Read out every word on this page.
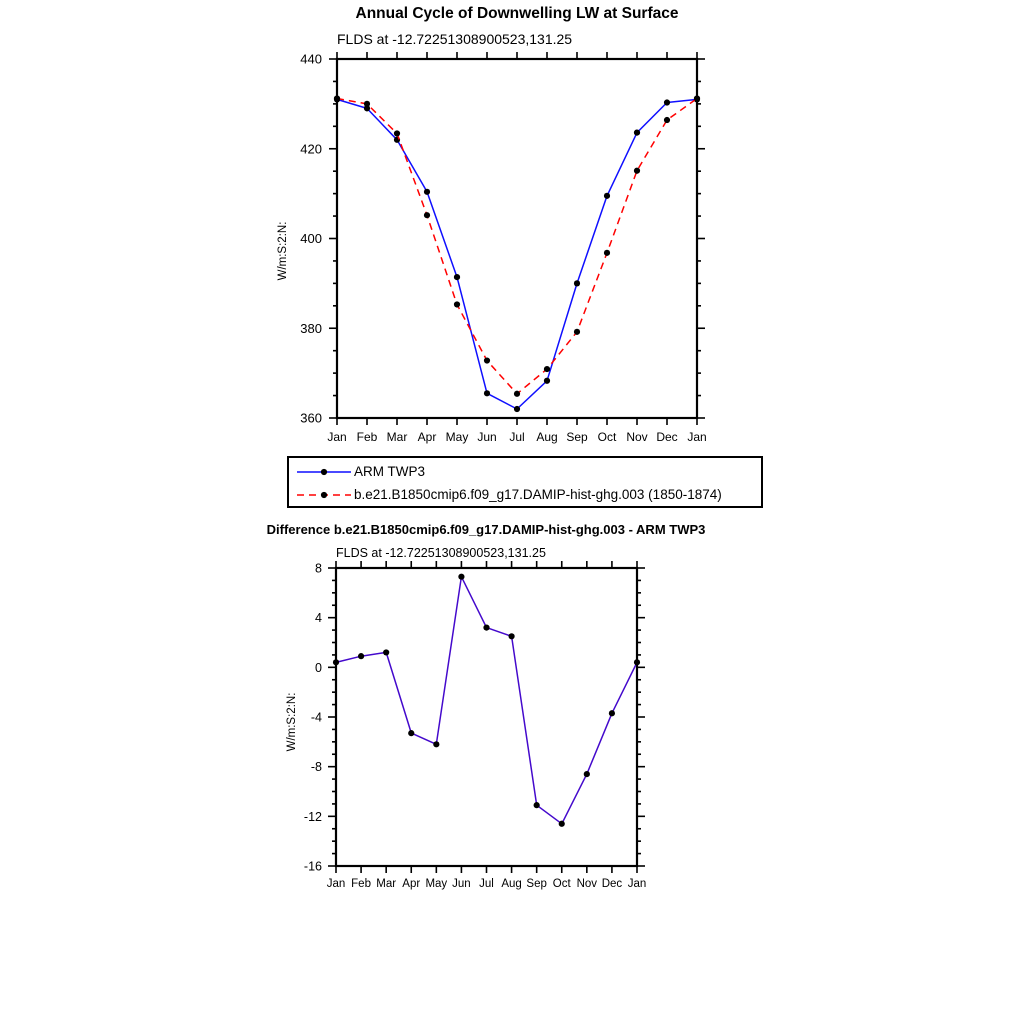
Jan Feb Mar Apr May Jun Jul Aug Sep Oct Nov Dec Jan
360
380
400
420
440
Jan Feb Mar Apr May Jun Jul Aug Sep Oct Nov Dec Jan
-16
-12
-8
-4
0
4
8
Annual Cycle of Downwelling LW at Surface
FLDS at -12.72251308900523,131.25
W/m:S:2:N:
ARM TWP3
b.e21.B1850cmip6.f09_g17.DAMIP-hist-ghg.003 (1850-1874)
Difference b.e21.B1850cmip6.f09_g17.DAMIP-hist-ghg.003 - ARM TWP3
FLDS at -12.72251308900523,131.25
W/m:S:2:N:
